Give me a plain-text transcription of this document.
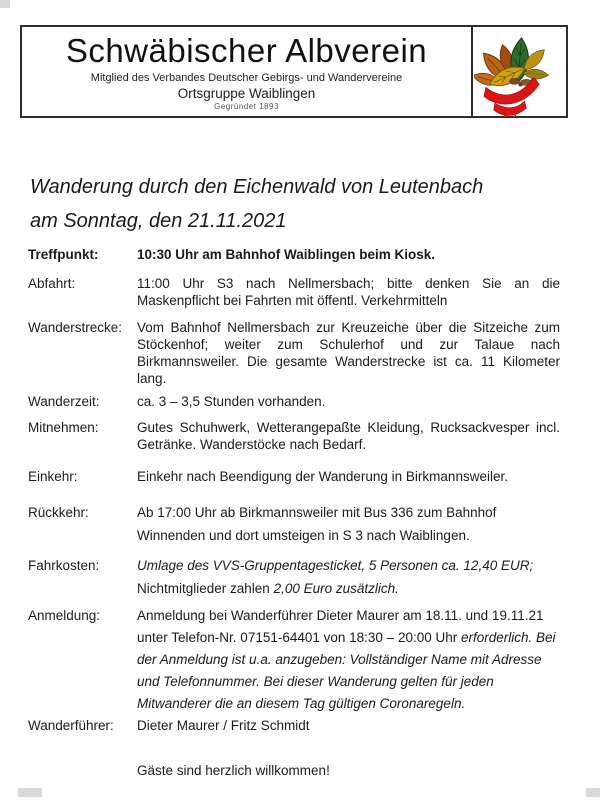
Schwäbischer Albverein
Mitglied des Verbandes Deutscher Gebirgs- und Wandervereine
Ortsgruppe Waiblingen
Gegründet 1893
Wanderung durch den Eichenwald von Leutenbach
am Sonntag, den 21.11.2021
Treffpunkt:	10:30 Uhr am Bahnhof Waiblingen beim Kiosk.
Abfahrt:	11:00 Uhr S3 nach Nellmersbach; bitte denken Sie an die Maskenpflicht bei Fahrten mit öffentl. Verkehrmitteln
Wanderstrecke:	Vom Bahnhof Nellmersbach zur Kreuzeiche über die Sitzeiche zum Stöckenhof; weiter zum Schulerhof und zur Talaue nach Birkmannsweiler. Die gesamte Wanderstrecke ist ca. 11 Kilometer lang.
Wanderzeit:	ca. 3 – 3,5 Stunden vorhanden.
Mitnehmen:	Gutes Schuhwerk, Wetterangepaßte Kleidung, Rucksackvesper incl. Getränke. Wanderstöcke nach Bedarf.
Einkehr:	Einkehr nach Beendigung der Wanderung in Birkmannsweiler.
Rückkehr:	Ab 17:00 Uhr ab Birkmannsweiler mit Bus 336 zum Bahnhof Winnenden und dort umsteigen in S 3 nach Waiblingen.
Fahrkosten:	Umlage des VVS-Gruppentagesticket, 5 Personen ca. 12,40 EUR;
Nichtmitglieder zahlen 2,00 Euro zusätzlich.
Anmeldung:	Anmeldung bei Wanderführer Dieter Maurer am 18.11. und 19.11.21 unter Telefon-Nr. 07151-64401 von 18:30 – 20:00 Uhr erforderlich. Bei der Anmeldung ist u.a. anzugeben: Vollständiger Name mit Adresse und Telefonnummer. Bei dieser Wanderung gelten für jeden Mitwanderer die an diesem Tag gültigen Coronaregeln.
Wanderführer:	Dieter Maurer / Fritz Schmidt
Gäste sind herzlich willkommen!
